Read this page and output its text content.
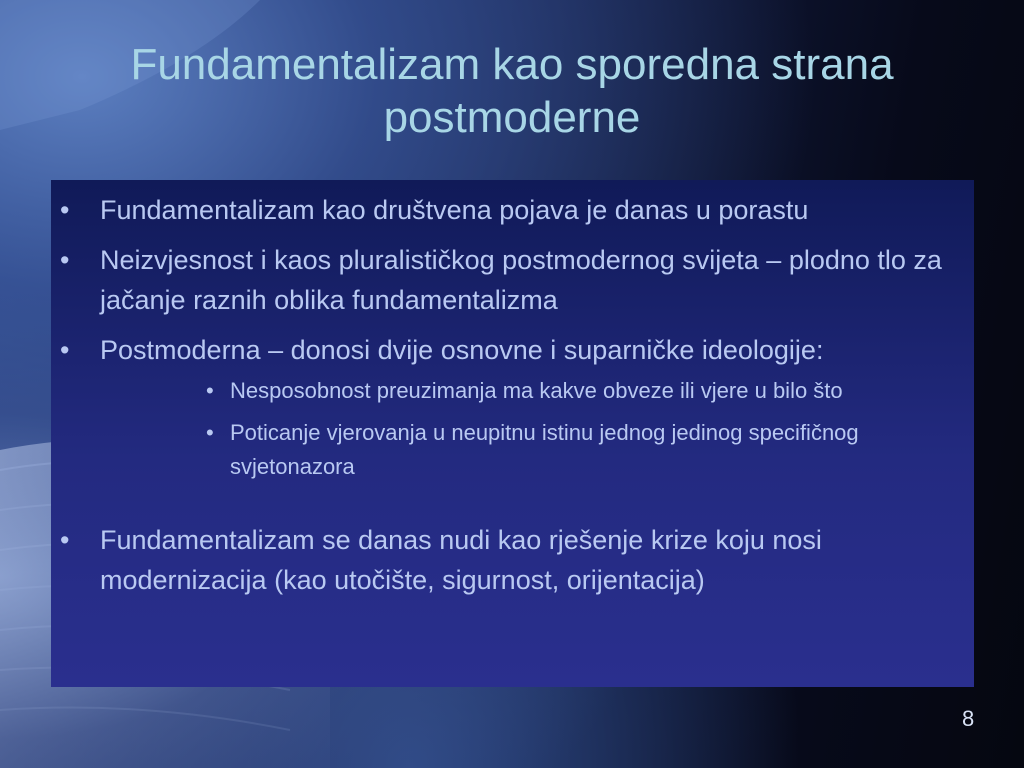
Fundamentalizam kao sporedna strana postmoderne
•	Fundamentalizam kao društvena pojava je danas u porastu
•	Neizvjesnost i kaos pluralističkog postmodernog svijeta – plodno tlo za jačanje raznih oblika fundamentalizma
•	Postmoderna – donosi dvije osnovne i suparničke ideologije:
• Nesposobnost preuzimanja ma kakve obveze ili vjere u bilo što
• Poticanje vjerovanja u neupitnu istinu jednog jedinog specifičnog svjetonazora
•	Fundamentalizam se danas nudi kao rješenje krize koju nosi modernizacija (kao utočište, sigurnost, orijentacija)
8
